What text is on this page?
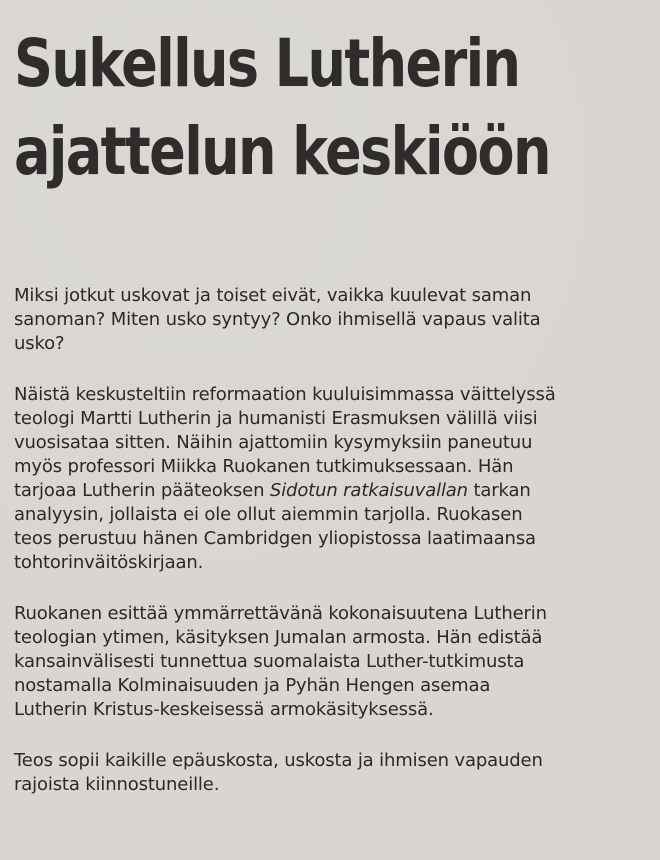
Sukellus Lutherin
ajattelun keskiöön

Miksi jotkut uskovat ja toiset eivät, vaikka kuulevat saman
sanoman? Miten usko syntyy? Onko ihmisellä vapaus valita
usko?

Näistä keskusteltiin reformaation kuuluisimmassa väittelyssä
teologi Martti Lutherin ja humanisti Erasmuksen välillä viisi
vuosisataa sitten. Näihin ajattomiin kysymyksiin paneutuu
myös professori Miikka Ruokanen tutkimuksessaan. Hän
tarjoaa Lutherin pääteoksen Sidotun ratkaisuvallan tarkan
analyysin, jollaista ei ole ollut aiemmin tarjolla. Ruokasen
teos perustuu hänen Cambridgen yliopistossa laatimaansa
tohtorinväitöskirjaan.

Ruokanen esittää ymmärrettävänä kokonaisuutena Lutherin
teologian ytimen, käsityksen Jumalan armosta. Hän edistää
kansainvälisesti tunnettua suomalaista Luther-tutkimusta
nostamalla Kolminaisuuden ja Pyhän Hengen asemaa
Lutherin Kristus-keskeisessä armokäsityksessä.

Teos sopii kaikille epäuskosta, uskosta ja ihmisen vapauden
rajoista kiinnostuneille.
